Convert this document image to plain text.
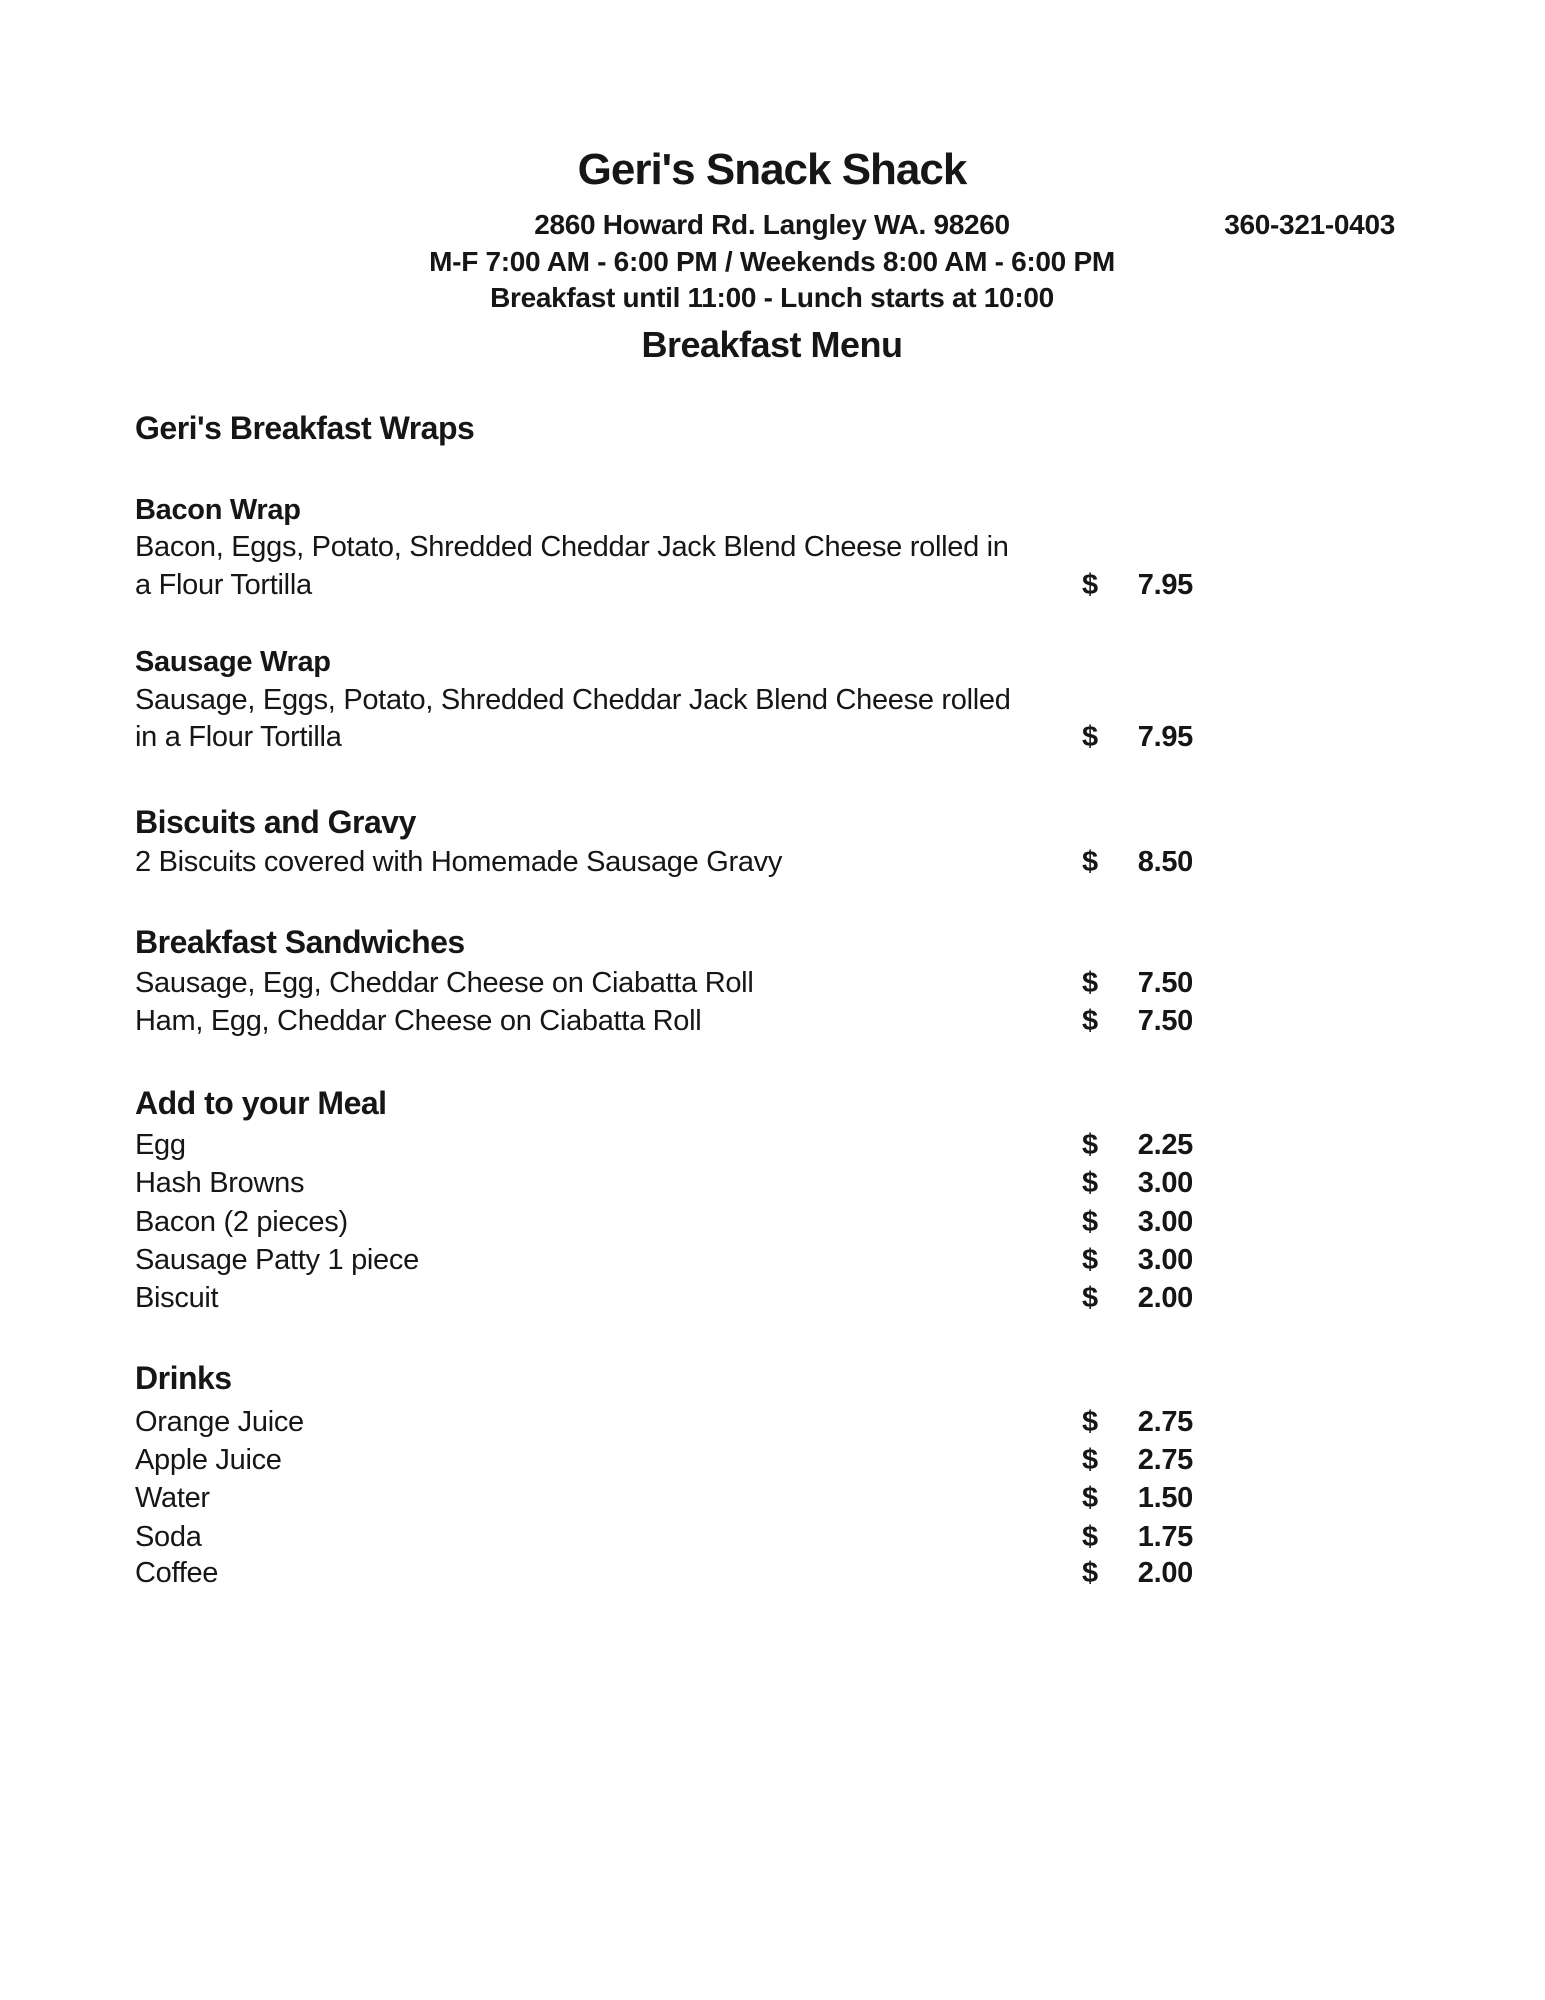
Geri's Snack Shack
2860 Howard Rd. Langley WA. 98260	360-321-0403
M-F 7:00 AM - 6:00 PM / Weekends 8:00 AM - 6:00 PM
Breakfast until 11:00 - Lunch starts at 10:00
Breakfast Menu
Geri's Breakfast Wraps
Bacon Wrap
Bacon, Eggs, Potato, Shredded Cheddar Jack Blend Cheese rolled in
a Flour Tortilla	$ 7.95
Sausage Wrap
Sausage, Eggs, Potato, Shredded Cheddar Jack Blend Cheese rolled
in a Flour Tortilla	$ 7.95
Biscuits and Gravy
2 Biscuits covered with Homemade Sausage Gravy	$ 8.50
Breakfast Sandwiches
Sausage, Egg, Cheddar Cheese on Ciabatta Roll	$ 7.50
Ham, Egg, Cheddar Cheese on Ciabatta Roll	$ 7.50
Add to your Meal
Egg	$ 2.25
Hash Browns	$ 3.00
Bacon (2 pieces)	$ 3.00
Sausage Patty 1 piece	$ 3.00
Biscuit	$ 2.00
Drinks
Orange Juice	$ 2.75
Apple Juice	$ 2.75
Water	$ 1.50
Soda	$ 1.75
Coffee	$ 2.00
